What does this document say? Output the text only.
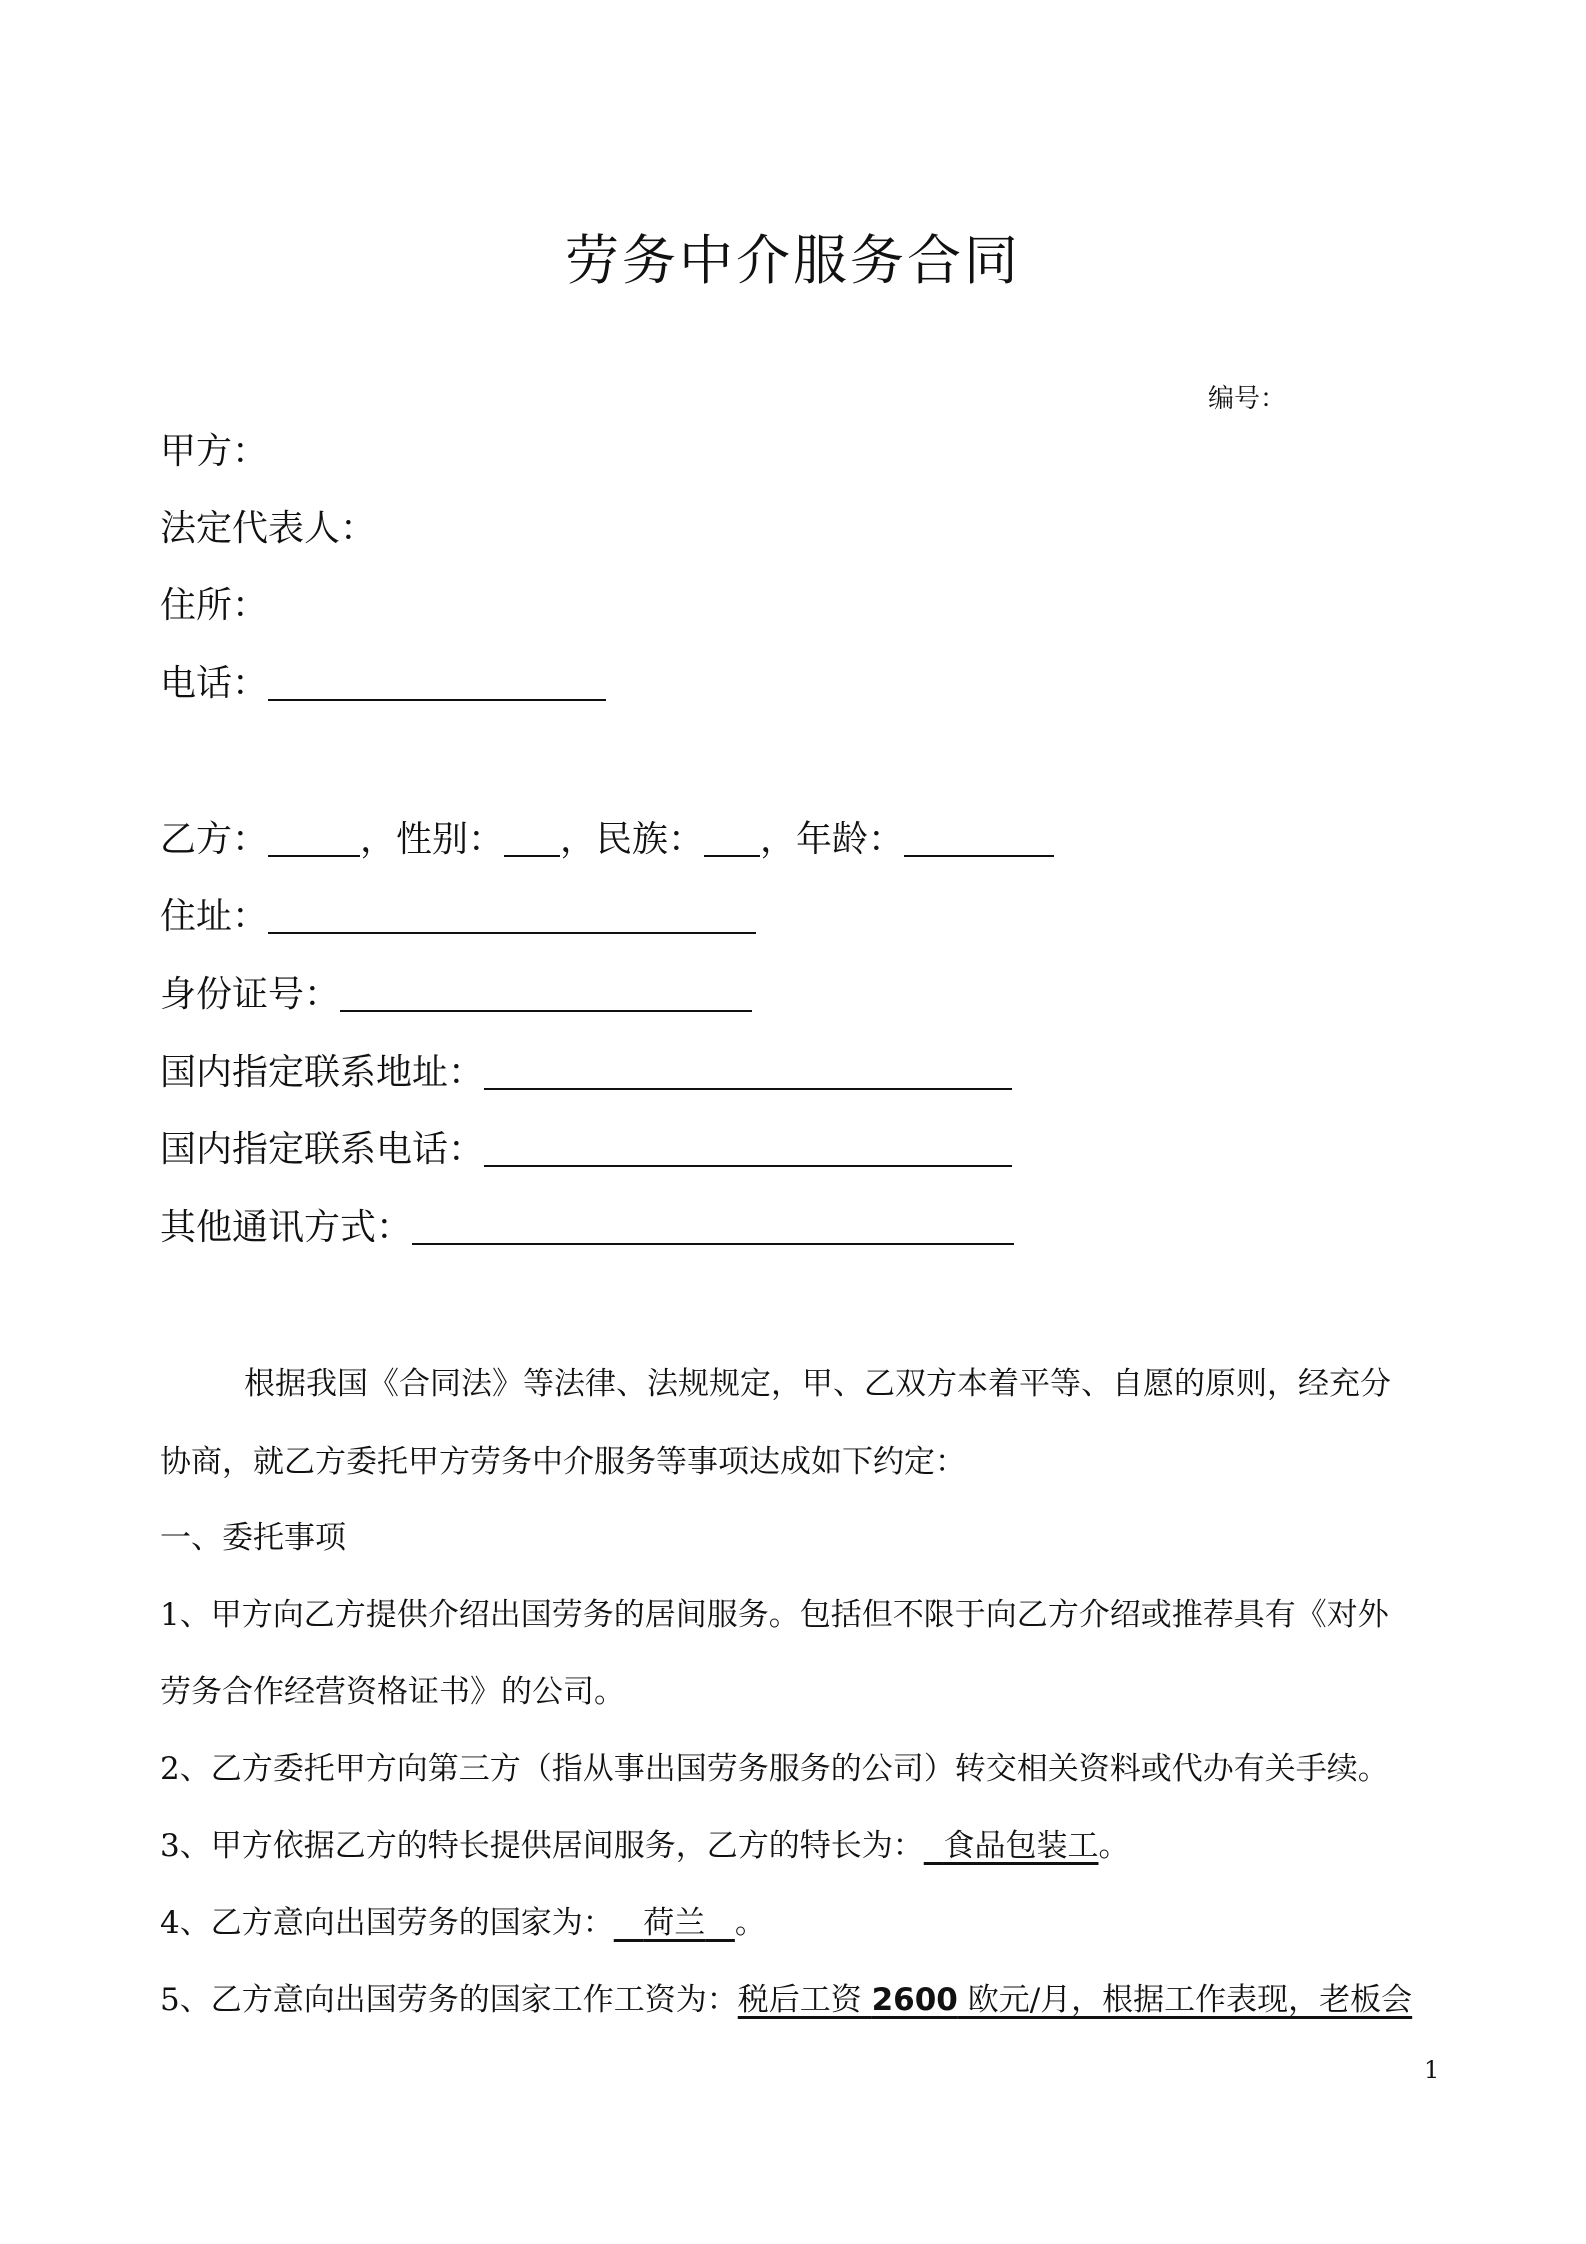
劳务中介服务合同
编号：
甲方：
法定代表人：
住所：
电话：
乙方：	，性别： ，民族： ，年龄：
住址：
身份证号：
国内指定联系地址：
国内指定联系电话：
其他通讯方式：
根据我国《合同法》等法律、法规规定，甲、乙双方本着平等、自愿的原则，经充分
协商，就乙方委托甲方劳务中介服务等事项达成如下约定：
一、委托事项
1、甲方向乙方提供介绍出国劳务的居间服务。包括但不限于向乙方介绍或推荐具有《对外
劳务合作经营资格证书》的公司。
2、乙方委托甲方向第三方（指从事出国劳务服务的公司）转交相关资料或代办有关手续。
3、甲方依据乙方的特长提供居间服务，乙方的特长为： 食品包装工。
4、乙方意向出国劳务的国家为： 荷兰 。
5、乙方意向出国劳务的国家工作工资为：税后工资 2600 欧元/月，根据工作表现，老板会
1
